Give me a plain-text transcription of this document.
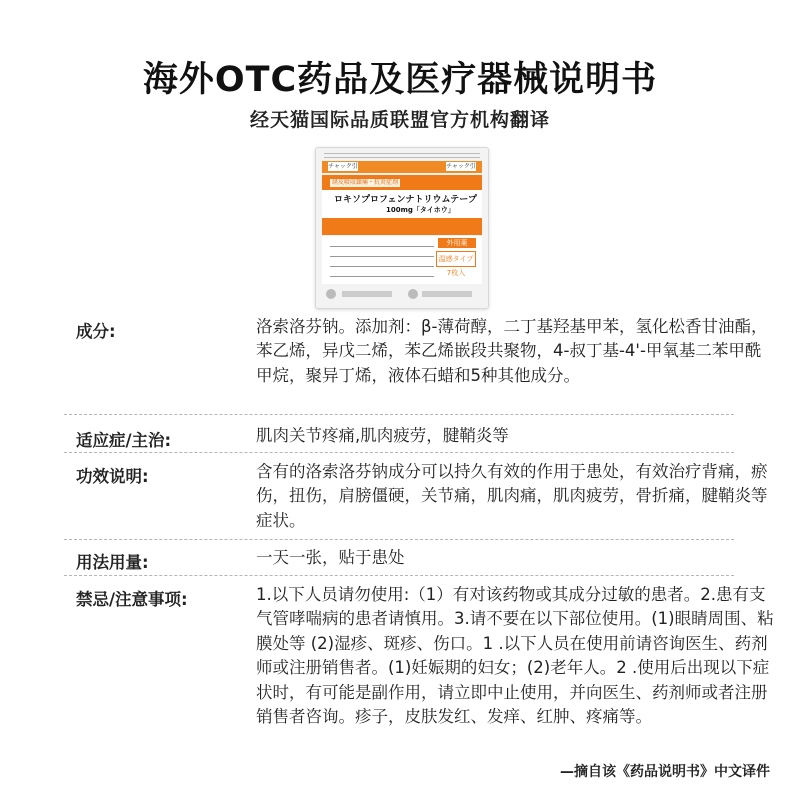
海外OTC药品及医疗器械说明书
经天猫国际品质联盟官方机构翻译
チャック引	チャック引
経皮吸収鎮痛・抗炎症剤
ロキソプロフェンナトリウムテープ
100mg「タイホウ」
外用薬
温感タイプ 7枚入
成分:	洛索洛芬钠。添加剂：β-薄荷醇，二丁基羟基甲苯，氢化松香甘油酯，苯乙烯，异戊二烯，苯乙烯嵌段共聚物，4-叔丁基-4'-甲氧基二苯甲酰甲烷，聚异丁烯，液体石蜡和5种其他成分。
适应症/主治:	肌肉关节疼痛,肌肉疲劳，腱鞘炎等
功效说明:	含有的洛索洛芬钠成分可以持久有效的作用于患处，有效治疗背痛，瘀伤，扭伤，肩膀僵硬，关节痛，肌肉痛，肌肉疲劳，骨折痛，腱鞘炎等症状。
用法用量:	一天一张，贴于患处
禁忌/注意事项:	1.以下人员请勿使用:（1）有对该药物或其成分过敏的患者。2.患有支气管哮喘病的患者请慎用。3.请不要在以下部位使用。(1)眼睛周围、粘膜处等 (2)湿疹、斑疹、伤口。1 .以下人员在使用前请咨询医生、药剂师或注册销售者。(1)妊娠期的妇女；(2)老年人。2 .使用后出现以下症状时，有可能是副作用，请立即中止使用，并向医生、药剂师或者注册销售者咨询。疹子，皮肤发红、发痒、红肿、疼痛等。
—摘自该《药品说明书》中文译件
